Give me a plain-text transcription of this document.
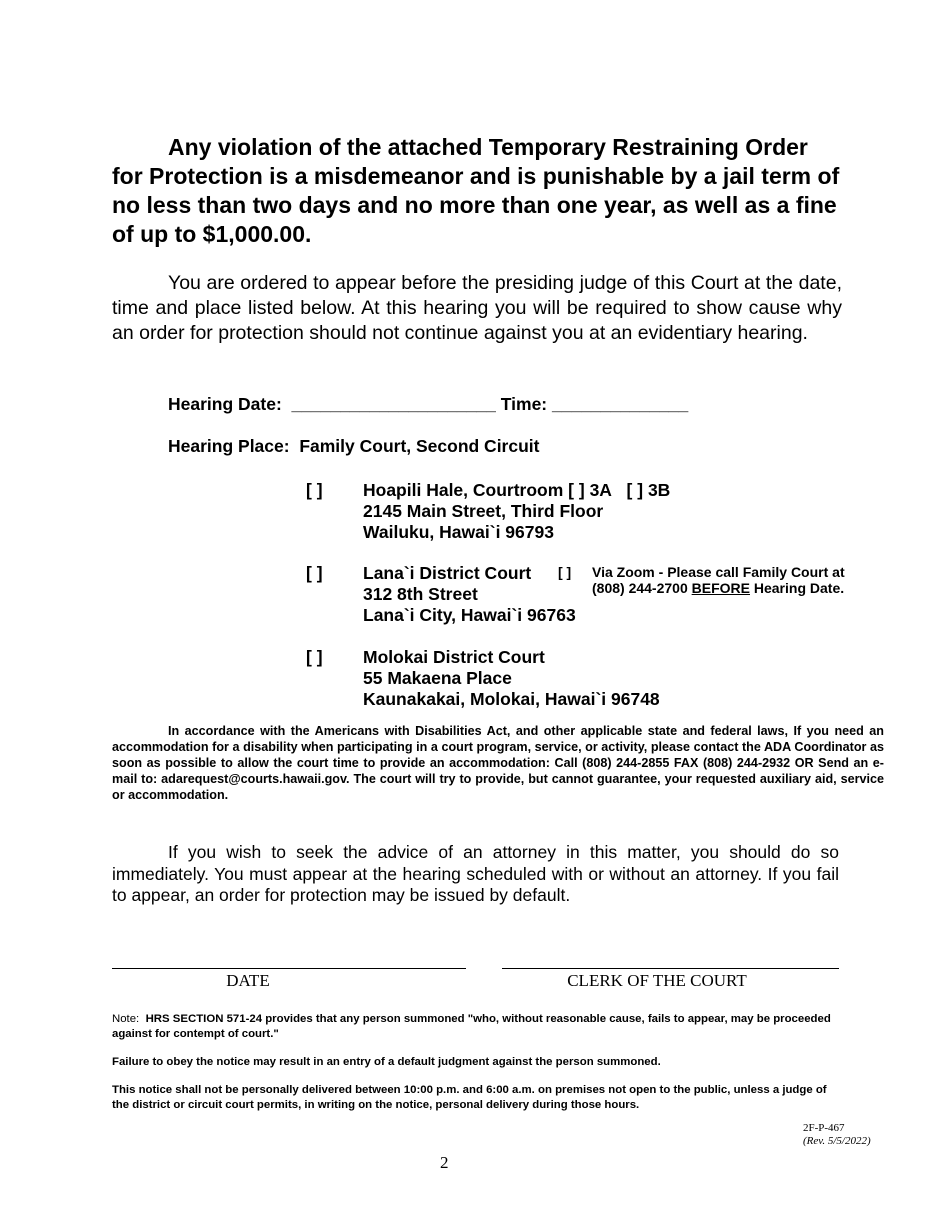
Any violation of the attached Temporary Restraining Order for Protection is a misdemeanor and is punishable by a jail term of no less than two days and no more than one year, as well as a fine of up to $1,000.00.
You are ordered to appear before the presiding judge of this Court at the date, time and place listed below. At this hearing you will be required to show cause why an order for protection should not continue against you at an evidentiary hearing.
Hearing Date: _____________________ Time: ______________
Hearing Place: Family Court, Second Circuit
[ ] Hoapili Hale, Courtroom [ ] 3A [ ] 3B
2145 Main Street, Third Floor
Wailuku, Hawai`i 96793
[ ] Lana`i District Court
312 8th Street
Lana`i City, Hawai`i 96763
[ ] Via Zoom - Please call Family Court at
(808) 244-2700 BEFORE Hearing Date.
[ ] Molokai District Court
55 Makaena Place
Kaunakakai, Molokai, Hawai`i 96748
In accordance with the Americans with Disabilities Act, and other applicable state and federal laws, If you need an accommodation for a disability when participating in a court program, service, or activity, please contact the ADA Coordinator as soon as possible to allow the court time to provide an accommodation: Call (808) 244-2855 FAX (808) 244-2932 OR Send an e-mail to: adarequest@courts.hawaii.gov. The court will try to provide, but cannot guarantee, your requested auxiliary aid, service or accommodation.
If you wish to seek the advice of an attorney in this matter, you should do so immediately. You must appear at the hearing scheduled with or without an attorney. If you fail to appear, an order for protection may be issued by default.
DATE	CLERK OF THE COURT
Note: HRS SECTION 571-24 provides that any person summoned "who, without reasonable cause, fails to appear, may be proceeded against for contempt of court."
Failure to obey the notice may result in an entry of a default judgment against the person summoned.
This notice shall not be personally delivered between 10:00 p.m. and 6:00 a.m. on premises not open to the public, unless a judge of the district or circuit court permits, in writing on the notice, personal delivery during those hours.
2F-P-467
(Rev. 5/5/2022)
2
